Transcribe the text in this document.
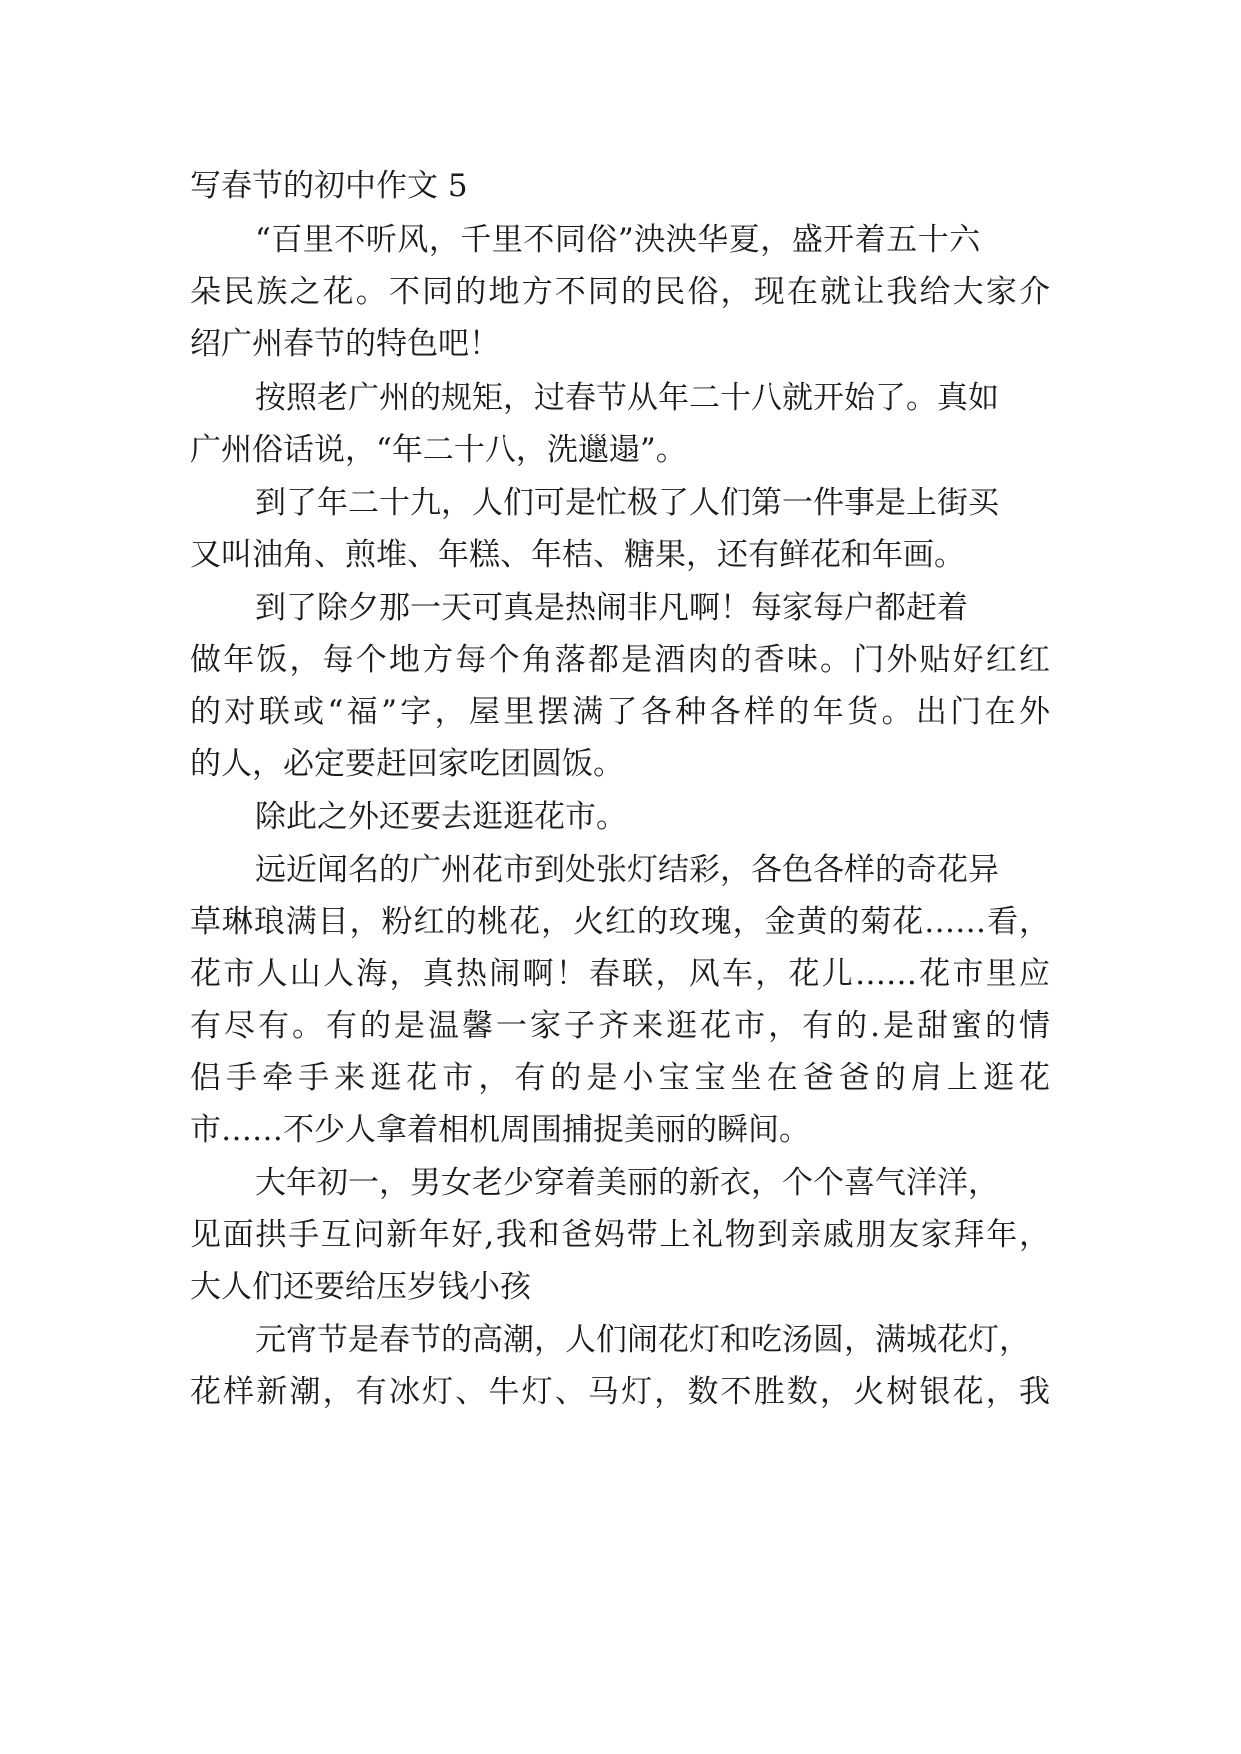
写春节的初中作文 5
“百里不听风，千里不同俗”泱泱华夏，盛开着五十六
朵民族之花。不同的地方不同的民俗，现在就让我给大家介
绍广州春节的特色吧！
按照老广州的规矩，过春节从年二十八就开始了。真如
广州俗话说，“年二十八，洗邋遢”。
到了年二十九，人们可是忙极了人们第一件事是上街买
又叫油角、煎堆、年糕、年桔、糖果，还有鲜花和年画。
到了除夕那一天可真是热闹非凡啊！每家每户都赶着
做年饭，每个地方每个角落都是酒肉的香味。门外贴好红红
的对联或“福”字，屋里摆满了各种各样的年货。出门在外
的人，必定要赶回家吃团圆饭。
除此之外还要去逛逛花市。
远近闻名的广州花市到处张灯结彩，各色各样的奇花异
草琳琅满目，粉红的桃花，火红的玫瑰，金黄的菊花……看，
花市人山人海，真热闹啊！春联，风车，花儿……花市里应
有尽有。有的是温馨一家子齐来逛花市，有的.是甜蜜的情
侣手牵手来逛花市，有的是小宝宝坐在爸爸的肩上逛花
市……不少人拿着相机周围捕捉美丽的瞬间。
大年初一，男女老少穿着美丽的新衣，个个喜气洋洋，
见面拱手互问新年好,我和爸妈带上礼物到亲戚朋友家拜年，
大人们还要给压岁钱小孩
元宵节是春节的高潮，人们闹花灯和吃汤圆，满城花灯，
花样新潮，有冰灯、牛灯、马灯，数不胜数，火树银花，我
